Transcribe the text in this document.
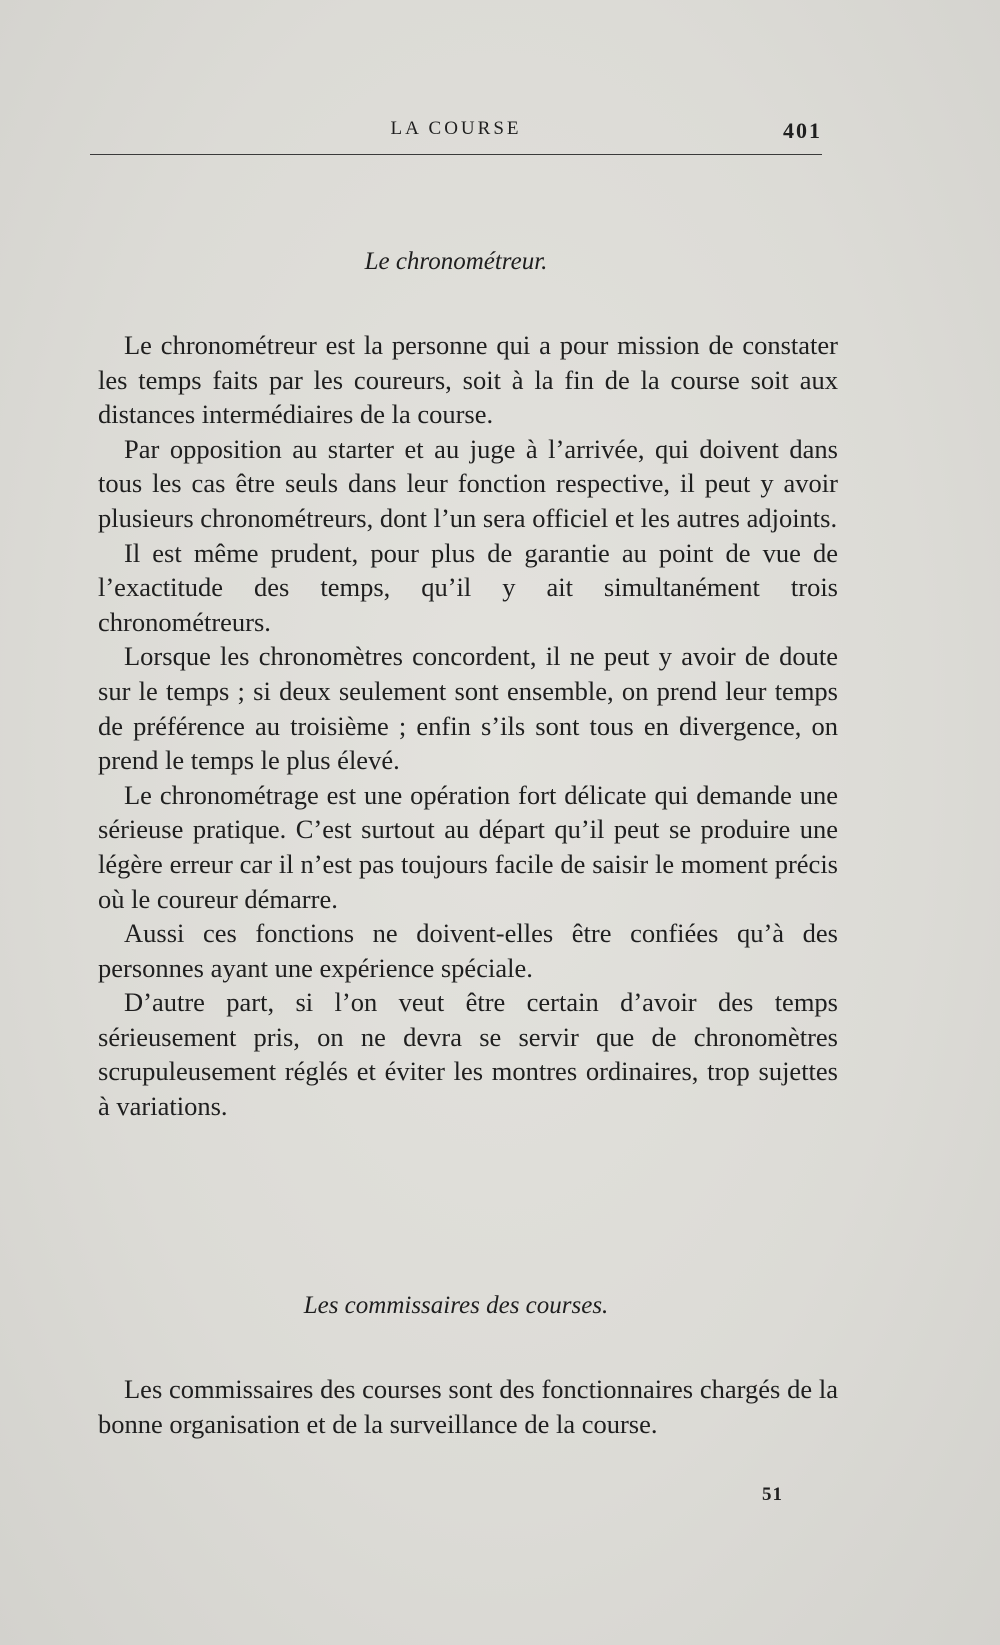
LA COURSE	401
Le chronométreur.

Le chronométreur est la personne qui a pour mission de constater les temps faits par les coureurs, soit à la fin de la course soit aux distances intermédiaires de la course.

Par opposition au starter et au juge à l’arrivée, qui doivent dans tous les cas être seuls dans leur fonction respective, il peut y avoir plusieurs chronométreurs, dont l’un sera officiel et les autres adjoints.

Il est même prudent, pour plus de garantie au point de vue de l’exactitude des temps, qu’il y ait simultanément trois chronométreurs.

Lorsque les chronomètres concordent, il ne peut y avoir de doute sur le temps ; si deux seulement sont ensemble, on prend leur temps de préférence au troisième ; enfin s’ils sont tous en divergence, on prend le temps le plus élevé.

Le chronométrage est une opération fort délicate qui demande une sérieuse pratique. C’est surtout au départ qu’il peut se produire une légère erreur car il n’est pas toujours facile de saisir le moment précis où le coureur démarre.

Aussi ces fonctions ne doivent-elles être confiées qu’à des personnes ayant une expérience spéciale.

D’autre part, si l’on veut être certain d’avoir des temps sérieusement pris, on ne devra se servir que de chronomètres scrupuleusement réglés et éviter les montres ordinaires, trop sujettes à variations.

Les commissaires des courses.

Les commissaires des courses sont des fonctionnaires chargés de la bonne organisation et de la surveillance de la course.

51
